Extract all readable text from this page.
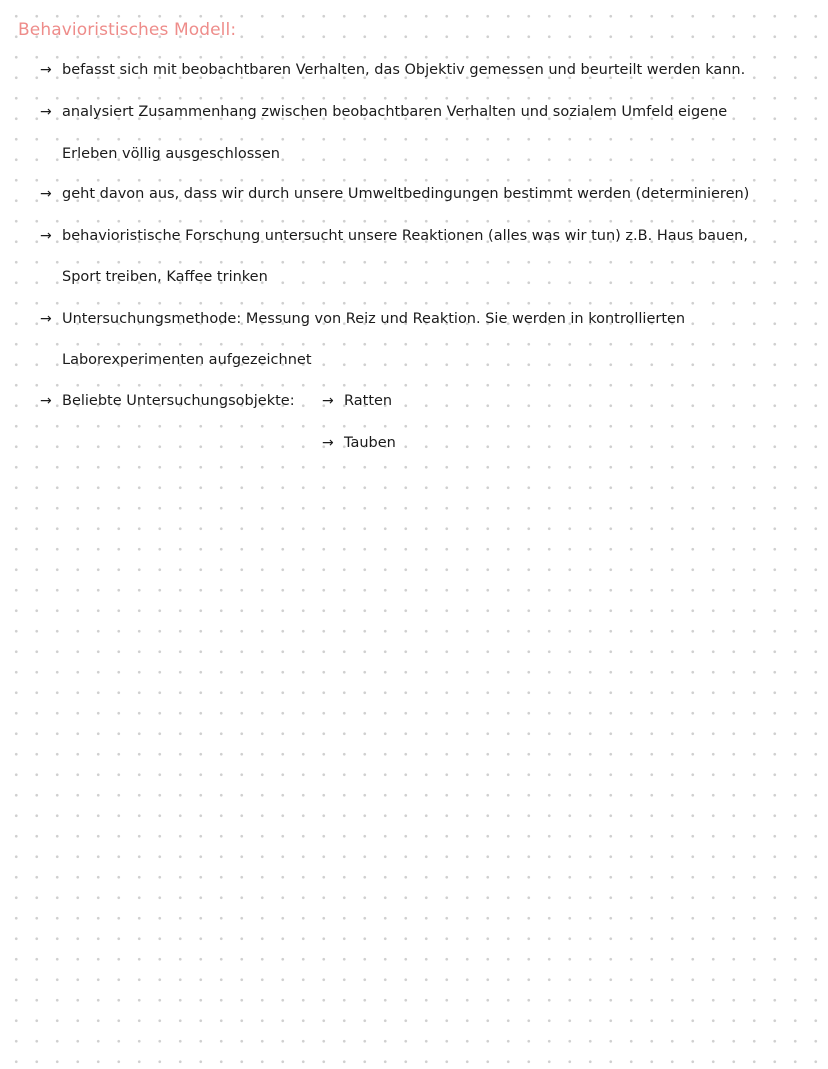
Behavioristisches Modell:
→ befasst sich mit beobachtbaren Verhalten, das Objektiv gemessen und beurteilt werden kann.
→ analysiert Zusammenhang zwischen beobachtbaren Verhalten und sozialem Umfeld eigene
Erleben völlig ausgeschlossen
→ geht davon aus, dass wir durch unsere Umweltbedingungen bestimmt werden (determinieren)
→ behavioristische Forschung untersucht unsere Reaktionen (alles was wir tun) z.B. Haus bauen,
Sport treiben, Kaffee trinken
→ Untersuchungsmethode: Messung von Reiz und Reaktion. Sie werden in kontrollierten
Laborexperimenten aufgezeichnet
→ Beliebte Untersuchungsobjekte: → Ratten
→ Tauben
